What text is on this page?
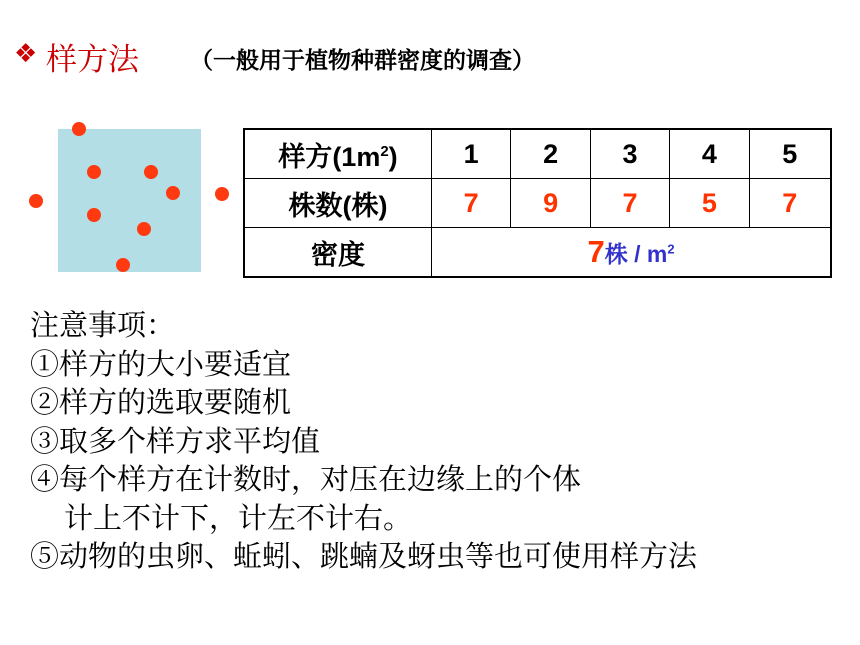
❖ 样方法 （一般用于植物种群密度的调查）
样方$(1m^2)$	1	2	3	4	5
株数(株)	7	9	7	5	7
密度	7株 / $m^2$
注意事项：
①样方的大小要适宜
②样方的选取要随机
③取多个样方求平均值
④每个样方在计数时，对压在边缘上的个体
计上不计下，计左不计右。
⑤动物的虫卵、蚯蚓、跳蝻及蚜虫等也可使用样方法
